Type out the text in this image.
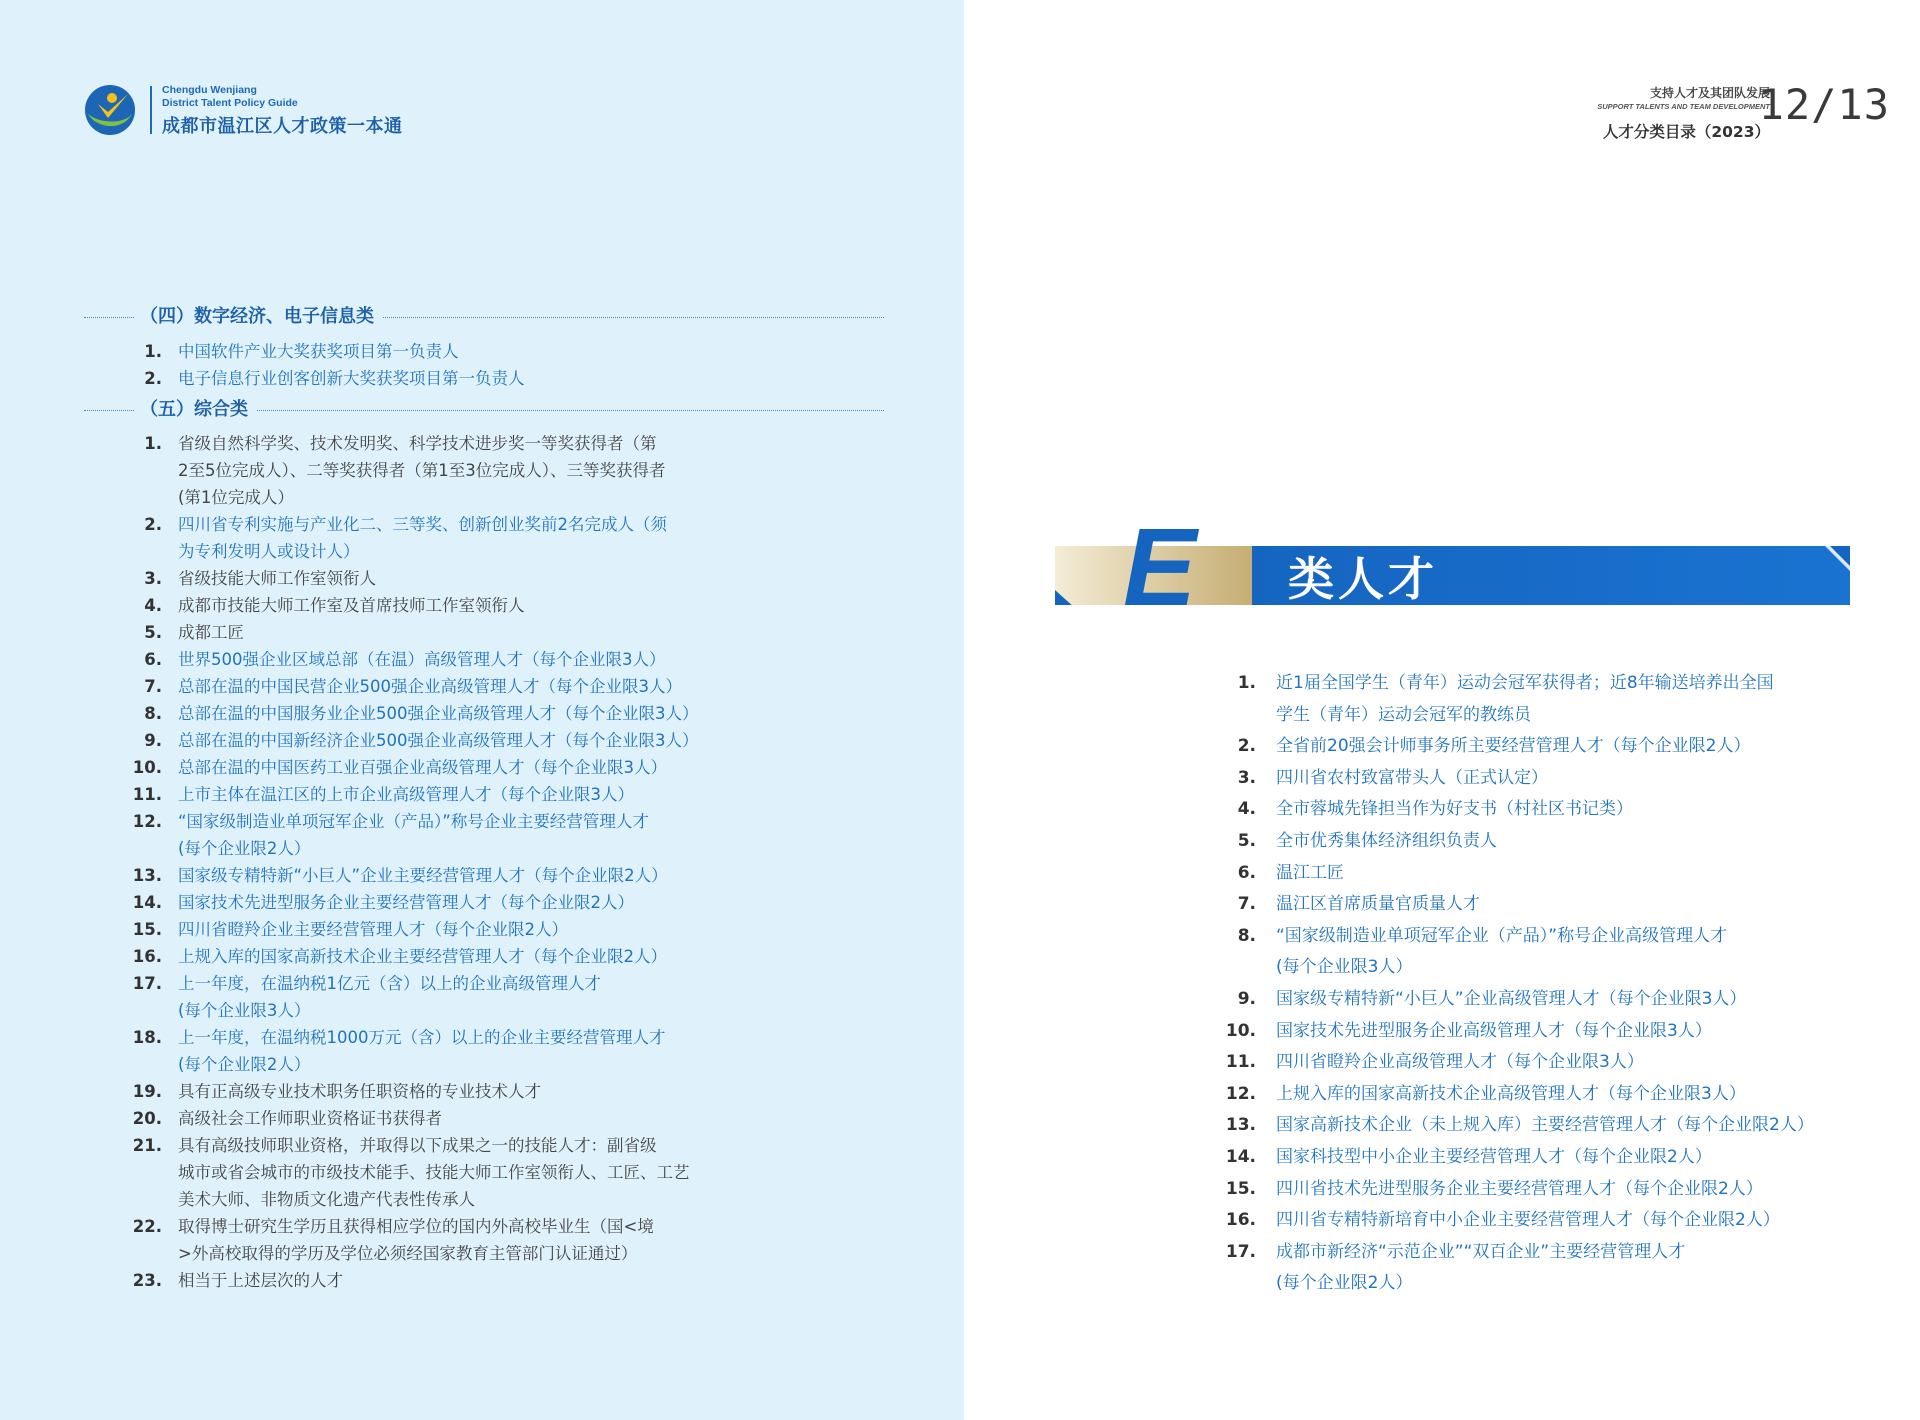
Chengdu Wenjiang
District Talent Policy Guide
成都市温江区人才政策一本通
（四）数字经济、电子信息类
1. 中国软件产业大奖获奖项目第一负责人
2. 电子信息行业创客创新大奖获奖项目第一负责人
（五）综合类
1. 省级自然科学奖、技术发明奖、科学技术进步奖一等奖获得者（第
2至5位完成人）、二等奖获得者（第1至3位完成人）、三等奖获得者
(第1位完成人）
2. 四川省专利实施与产业化二、三等奖、创新创业奖前2名完成人（须
为专利发明人或设计人）
3. 省级技能大师工作室领衔人
4. 成都市技能大师工作室及首席技师工作室领衔人
5. 成都工匠
6. 世界500强企业区域总部（在温）高级管理人才（每个企业限3人）
7. 总部在温的中国民营企业500强企业高级管理人才（每个企业限3人）
8. 总部在温的中国服务业企业500强企业高级管理人才（每个企业限3人）
9. 总部在温的中国新经济企业500强企业高级管理人才（每个企业限3人）
10. 总部在温的中国医药工业百强企业高级管理人才（每个企业限3人）
11. 上市主体在温江区的上市企业高级管理人才（每个企业限3人）
12. “国家级制造业单项冠军企业（产品）”称号企业主要经营管理人才
(每个企业限2人）
13. 国家级专精特新“小巨人”企业主要经营管理人才（每个企业限2人）
14. 国家技术先进型服务企业主要经营管理人才（每个企业限2人）
15. 四川省瞪羚企业主要经营管理人才（每个企业限2人）
16. 上规入库的国家高新技术企业主要经营管理人才（每个企业限2人）
17. 上一年度，在温纳税1亿元（含）以上的企业高级管理人才
(每个企业限3人）
18. 上一年度，在温纳税1000万元（含）以上的企业主要经营管理人才
(每个企业限2人）
19. 具有正高级专业技术职务任职资格的专业技术人才
20. 高级社会工作师职业资格证书获得者
21. 具有高级技师职业资格，并取得以下成果之一的技能人才：副省级
城市或省会城市的市级技术能手、技能大师工作室领衔人、工匠、工艺
美术大师、非物质文化遗产代表性传承人
22. 取得博士研究生学历且获得相应学位的国内外高校毕业生（国<境
>外高校取得的学历及学位必须经国家教育主管部门认证通过）
23. 相当于上述层次的人才
支持人才及其团队发展
SUPPORT TALENTS AND TEAM DEVELOPMENT
人才分类目录（2023）
12/13
E 类人才
1. 近1届全国学生（青年）运动会冠军获得者；近8年输送培养出全国
学生（青年）运动会冠军的教练员
2. 全省前20强会计师事务所主要经营管理人才（每个企业限2人）
3. 四川省农村致富带头人（正式认定）
4. 全市蓉城先锋担当作为好支书（村社区书记类）
5. 全市优秀集体经济组织负责人
6. 温江工匠
7. 温江区首席质量官质量人才
8. “国家级制造业单项冠军企业（产品）”称号企业高级管理人才
(每个企业限3人）
9. 国家级专精特新“小巨人”企业高级管理人才（每个企业限3人）
10. 国家技术先进型服务企业高级管理人才（每个企业限3人）
11. 四川省瞪羚企业高级管理人才（每个企业限3人）
12. 上规入库的国家高新技术企业高级管理人才（每个企业限3人）
13. 国家高新技术企业（未上规入库）主要经营管理人才（每个企业限2人）
14. 国家科技型中小企业主要经营管理人才（每个企业限2人）
15. 四川省技术先进型服务企业主要经营管理人才（每个企业限2人）
16. 四川省专精特新培育中小企业主要经营管理人才（每个企业限2人）
17. 成都市新经济“示范企业”“双百企业”主要经营管理人才
(每个企业限2人）
